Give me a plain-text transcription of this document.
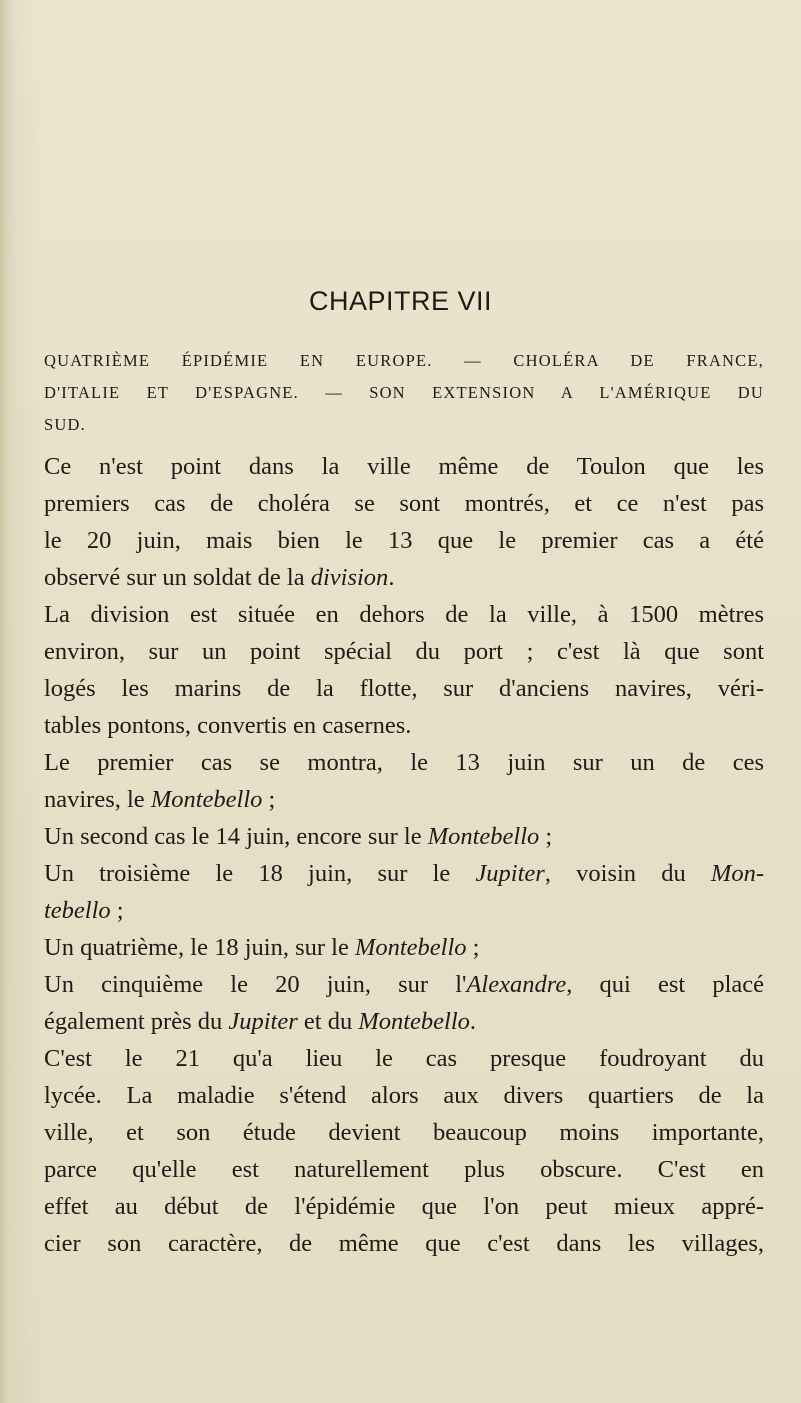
CHAPITRE VII
QUATRIÈME ÉPIDÉMIE EN EUROPE. — CHOLÉRA DE FRANCE,
D'ITALIE ET D'ESPAGNE. — SON EXTENSION A L'AMÉRIQUE DU
SUD.
Ce n'est point dans la ville même de Toulon que les
premiers cas de choléra se sont montrés, et ce n'est pas
le 20 juin, mais bien le 13 que le premier cas a été
observé sur un soldat de la division.
La division est située en dehors de la ville, à 1500 mètres
environ, sur un point spécial du port ; c'est là que sont
logés les marins de la flotte, sur d'anciens navires, véri-
tables pontons, convertis en casernes.
Le premier cas se montra, le 13 juin sur un de ces
navires, le Montebello ;
Un second cas le 14 juin, encore sur le Montebello ;
Un troisième le 18 juin, sur le Jupiter, voisin du Mon-
tebello ;
Un quatrième, le 18 juin, sur le Montebello ;
Un cinquième le 20 juin, sur l'Alexandre, qui est placé
également près du Jupiter et du Montebello.
C'est le 21 qu'a lieu le cas presque foudroyant du
lycée. La maladie s'étend alors aux divers quartiers de la
ville, et son étude devient beaucoup moins importante,
parce qu'elle est naturellement plus obscure. C'est en
effet au début de l'épidémie que l'on peut mieux appré-
cier son caractère, de même que c'est dans les villages,
